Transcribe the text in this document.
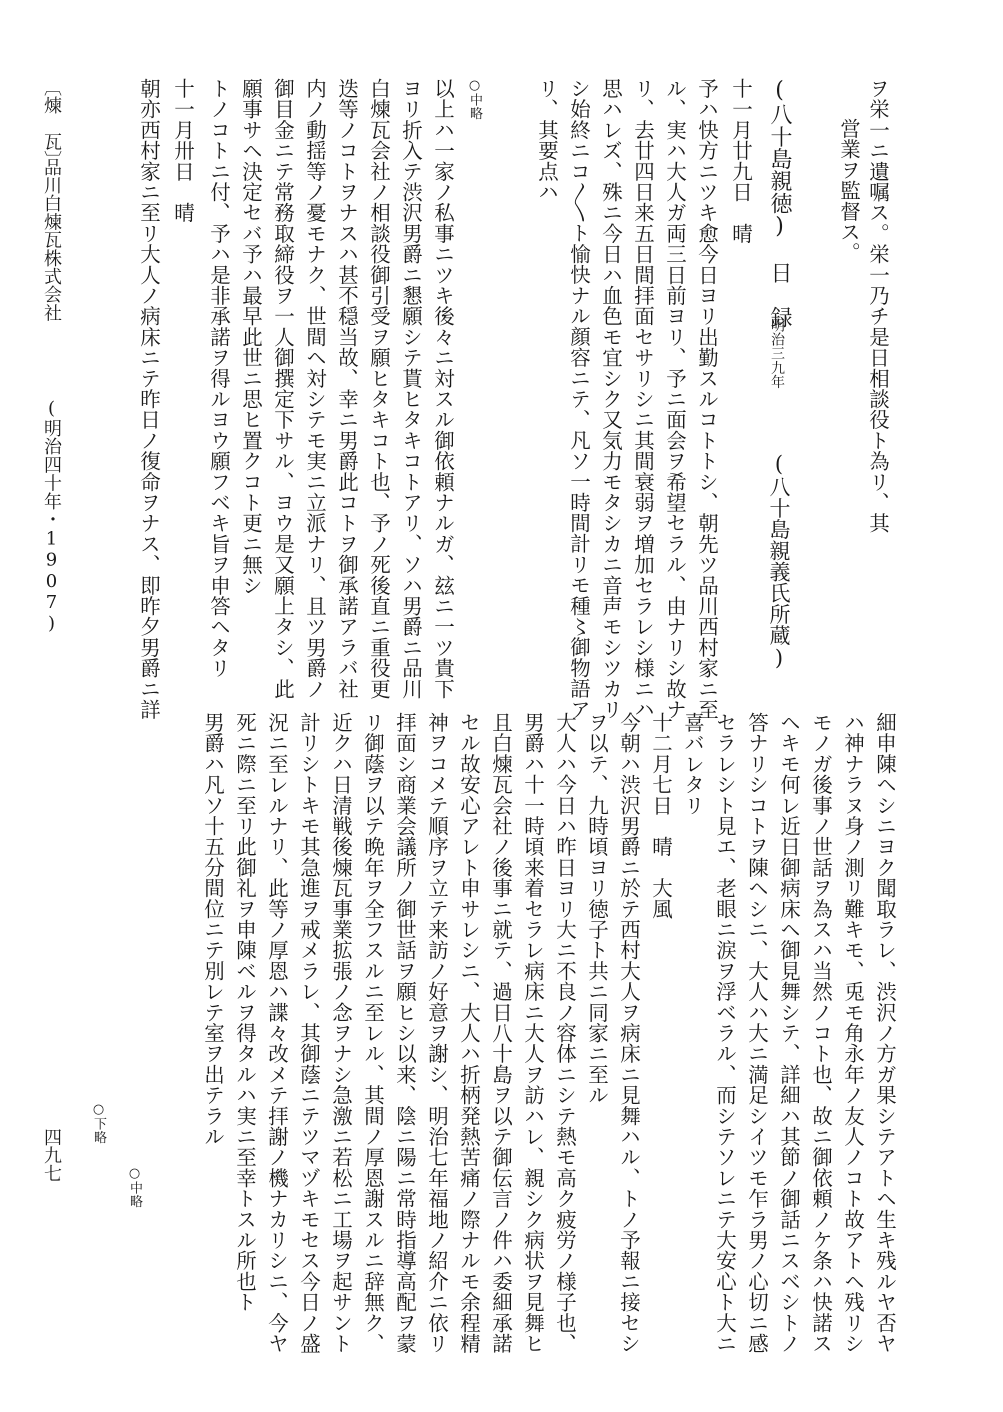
ヲ栄一ニ遺嘱ス。栄一乃チ是日相談役ト為リ、其
営業ヲ監督ス。
(八十島親徳)　日　録
明治三九年
(八十島親義氏所蔵)
十一月廿九日　晴
予ハ快方ニツキ愈今日ヨリ出勤スルコトトシ、朝先ツ品川西村家ニ至
ル、実ハ大人ガ両三日前ヨリ、予ニ面会ヲ希望セラル、由ナリシ故ナ
リ、去廿四日来五日間拝面セサリシニ其間衰弱ヲ増加セラレシ様ニハ
思ハレズ、殊ニ今日ハ血色モ宜シク又気力モタシカニ音声モシツカリ
シ始終ニコ〳〵ト愉快ナル顔容ニテ、凡ソ一時間計リモ種〻御物語ア
リ、其要点ハ
○中略
以上ハ一家ノ私事ニツキ後々ニ対スル御依頼ナルガ、玆ニ一ツ貴下
ヨリ折入テ渋沢男爵ニ懇願シテ貰ヒタキコトアリ、ソハ男爵ニ品川
白煉瓦会社ノ相談役御引受ヲ願ヒタキコト也、予ノ死後直ニ重役更
迭等ノコトヲナスハ甚不穏当故、幸ニ男爵此コトヲ御承諾アラバ社
内ノ動揺等ノ憂モナク、世間ヘ対シテモ実ニ立派ナリ、且ツ男爵ノ
御目金ニテ常務取締役ヲ一人御撰定下サル、ヨウ是又願上タシ、此
願事サヘ決定セバ予ハ最早此世ニ思ヒ置クコト更ニ無シ
トノコトニ付、予ハ是非承諾ヲ得ルヨウ願フベキ旨ヲ申答ヘタリ
十一月卅日　晴
朝亦西村家ニ至リ大人ノ病床ニテ昨日ノ復命ヲナス、即昨夕男爵ニ詳
細申陳ヘシニヨク聞取ラレ、渋沢ノ方ガ果シテアトヘ生キ残ルヤ否ヤ
ハ神ナラヌ身ノ測リ難キモ、兎モ角永年ノ友人ノコト故アトヘ残リシ
モノガ後事ノ世話ヲ為スハ当然ノコト也、故ニ御依頼ノケ条ハ快諾ス
ヘキモ何レ近日御病床ヘ御見舞シテ、詳細ハ其節ノ御話ニスベシトノ
答ナリシコトヲ陳ヘシニ、大人ハ大ニ満足シイツモ乍ラ男ノ心切ニ感
セラレシト見エ、老眼ニ涙ヲ浮ベラル、而シテソレニテ大安心ト大ニ
喜バレタリ
十二月七日　晴　大風
今朝ハ渋沢男爵ニ於テ西村大人ヲ病床ニ見舞ハル、トノ予報ニ接セシ
ヲ以テ、九時頃ヨリ徳子ト共ニ同家ニ至ル
大人ハ今日ハ昨日ヨリ大ニ不良ノ容体ニシテ熱モ高ク疲労ノ様子也、
男爵ハ十一時頃来着セラレ病床ニ大人ヲ訪ハレ、親シク病状ヲ見舞ヒ
且白煉瓦会社ノ後事ニ就テ、過日八十島ヲ以テ御伝言ノ件ハ委細承諾
セル故安心アレト申サレシニ、大人ハ折柄発熱苦痛ノ際ナルモ余程精
神ヲコメテ順序ヲ立テ来訪ノ好意ヲ謝シ、明治七年福地ノ紹介ニ依リ
拝面シ商業会議所ノ御世話ヲ願ヒシ以来、陰ニ陽ニ常時指導高配ヲ蒙
リ御蔭ヲ以テ晩年ヲ全フスルニ至レル、其間ノ厚恩謝スルニ辞無ク、
近クハ日清戦後煉瓦事業拡張ノ念ヲナシ急激ニ若松ニ工場ヲ起サント
計リシトキモ其急進ヲ戒メラレ、其御蔭ニテツマヅキモセス今日ノ盛
況ニ至レルナリ、此等ノ厚恩ハ諜々改メテ拝謝ノ機ナカリシニ、今ヤ
死ニ際ニ至リ此御礼ヲ申陳ベルヲ得タルハ実ニ至幸トスル所也ト
男爵ハ凡ソ十五分間位ニテ別レテ室ヲ出テラル
○下略
○中略
〔煉　瓦〕
品川白煉瓦株式会社
(明治四十年・1907)
四九七
